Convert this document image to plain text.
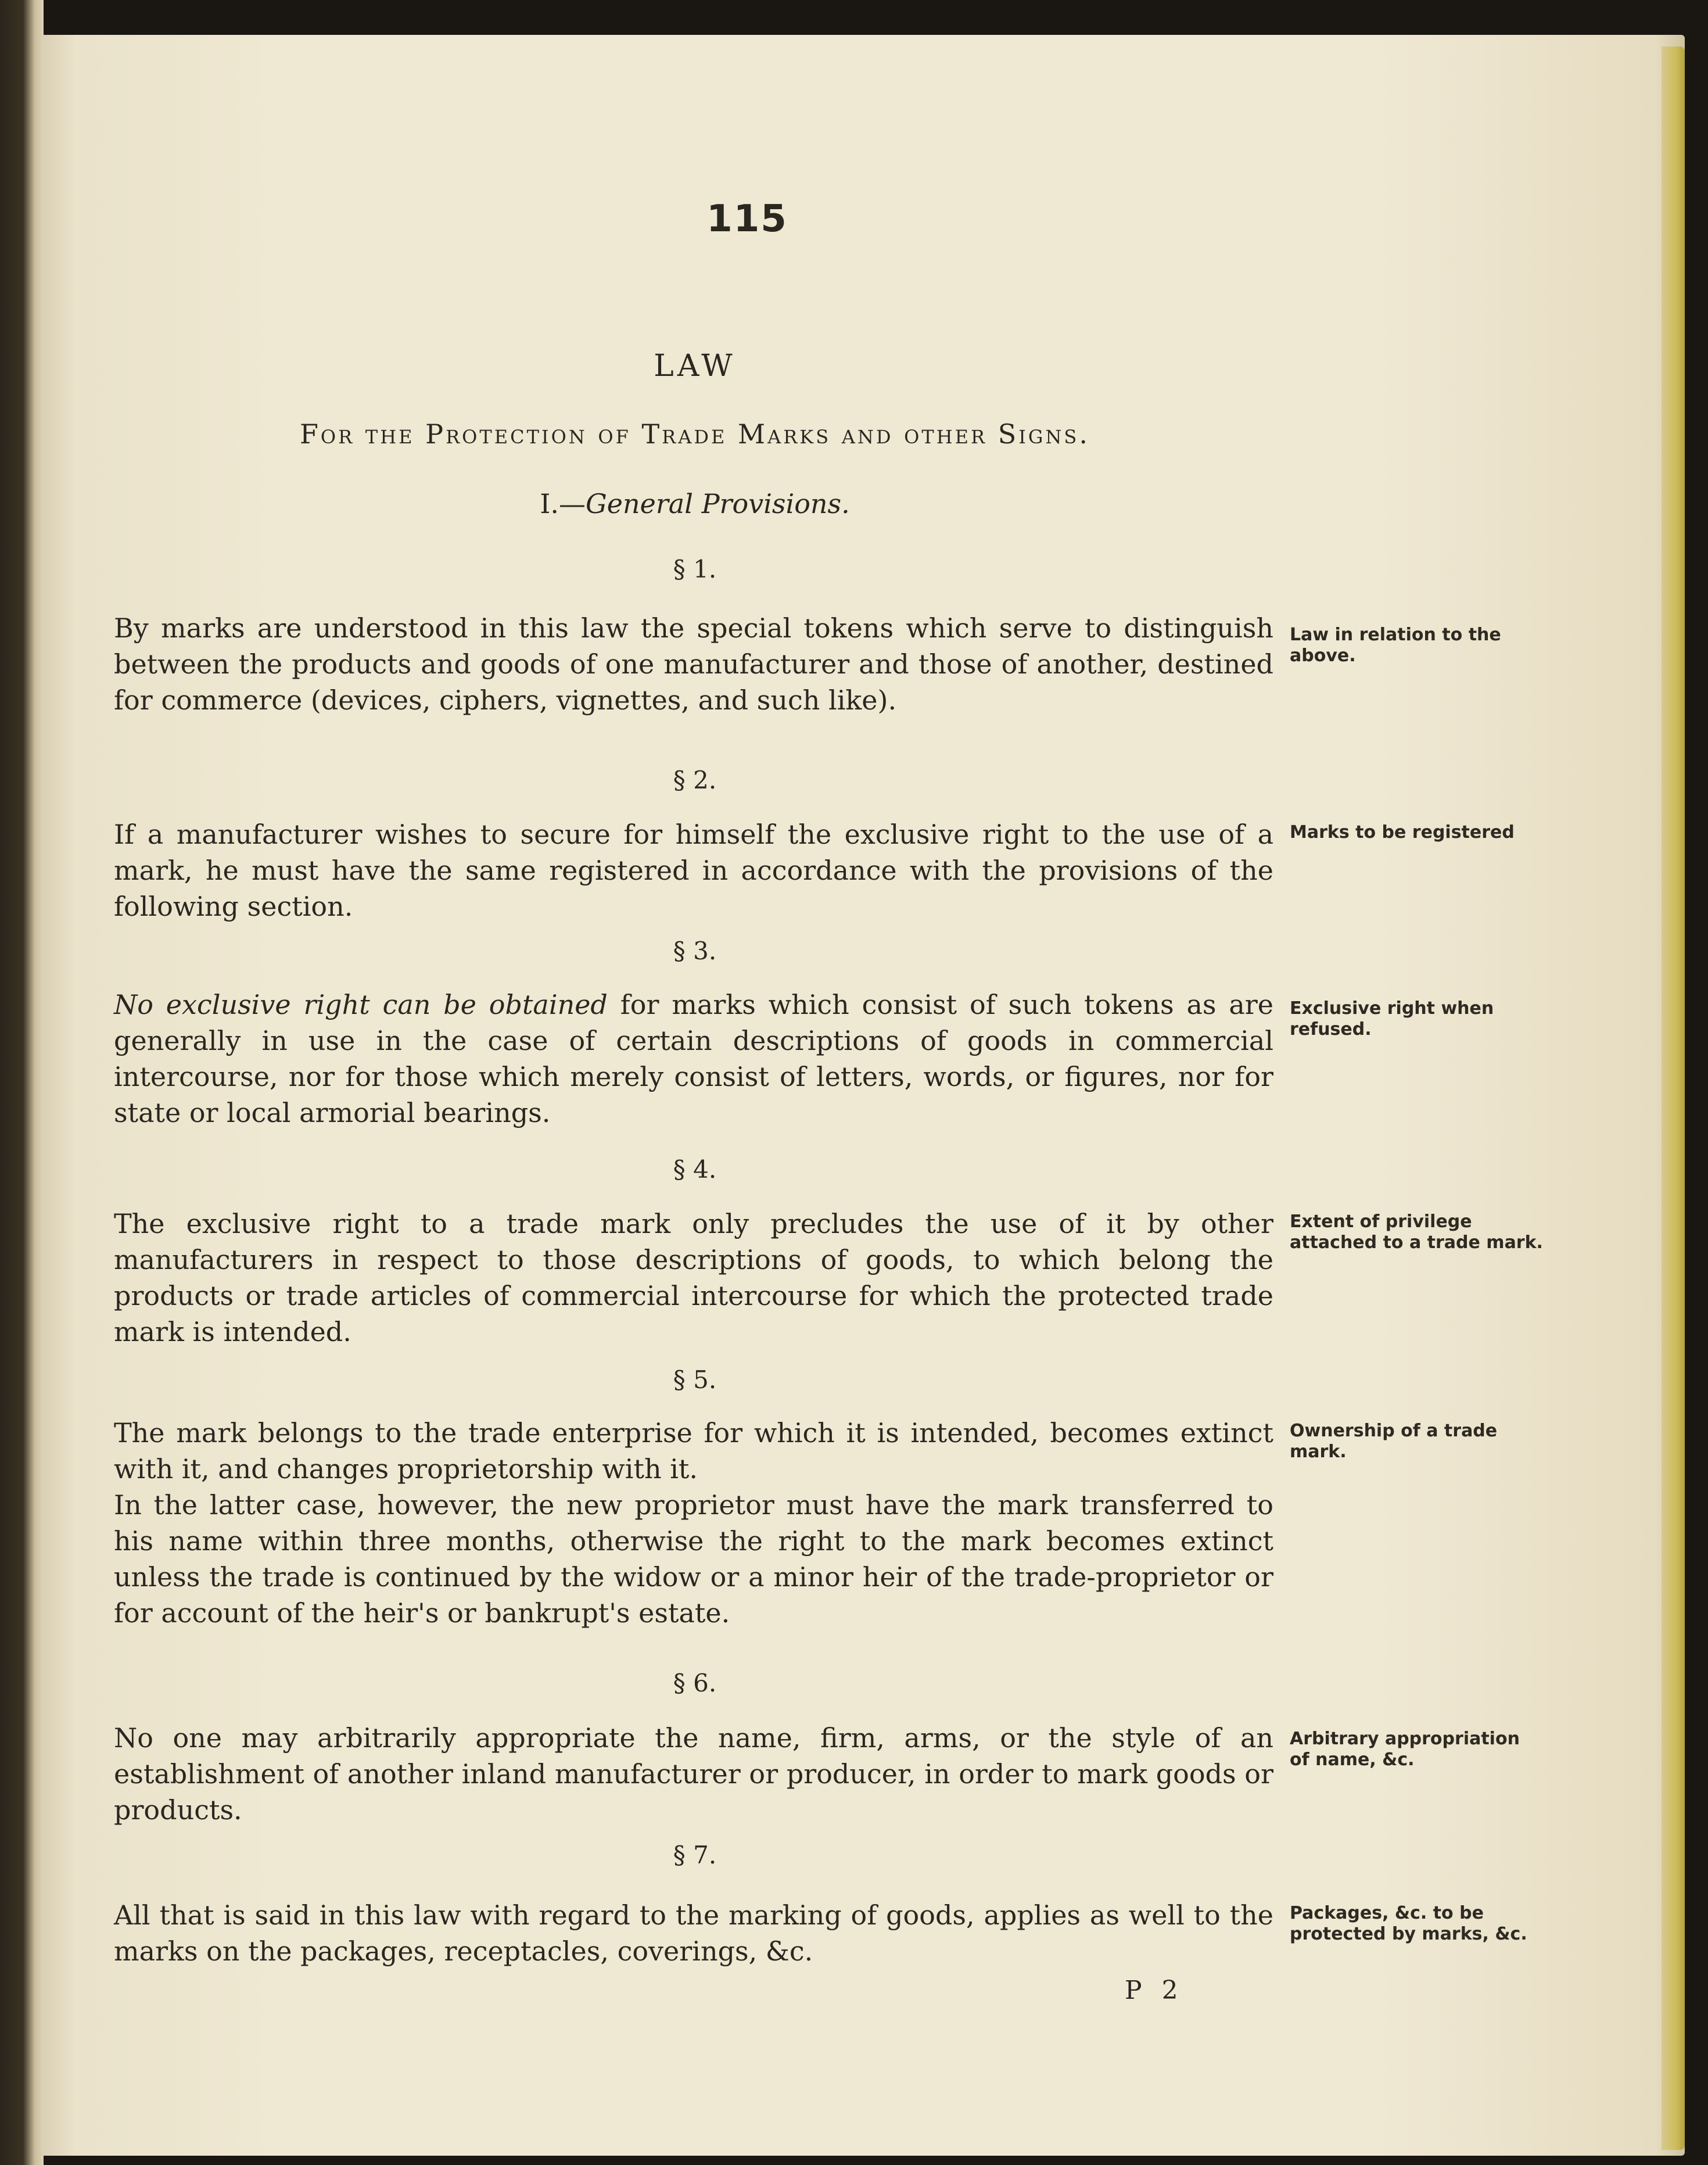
115
LAW
For the Protection of Trade Marks and other Signs.
I.—General Provisions.
§ 1.

By marks are understood in this law the special tokens which serve to distinguish between the products and goods of one manufacturer and those of another, destined for commerce (devices, ciphers, vignettes, and such like).

Law in relation to the above.
§ 2.

If a manufacturer wishes to secure for himself the exclusive right to the use of a mark, he must have the same registered in accordance with the provisions of the following section.

Marks to be registered
§ 3.

No exclusive right can be obtained for marks which consist of such tokens as are generally in use in the case of certain descriptions of goods in commercial intercourse, nor for those which merely consist of letters, words, or figures, nor for state or local armorial bearings.

Exclusive right when refused.
§ 4.

The exclusive right to a trade mark only precludes the use of it by other manufacturers in respect to those descriptions of goods, to which belong the products or trade articles of commercial intercourse for which the protected trade mark is intended.

Extent of privilege attached to a trade mark.
§ 5.

The mark belongs to the trade enterprise for which it is intended, becomes extinct with it, and changes proprietorship with it.

In the latter case, however, the new proprietor must have the mark transferred to his name within three months, otherwise the right to the mark becomes extinct unless the trade is continued by the widow or a minor heir of the trade-proprietor or for account of the heir's or bankrupt's estate.

Ownership of a trade mark.
§ 6.

No one may arbitrarily appropriate the name, firm, arms, or the style of an establishment of another inland manufacturer or producer, in order to mark goods or products.

Arbitrary appropriation of name, &c.
§ 7.

All that is said in this law with regard to the marking of goods, applies as well to the marks on the packages, receptacles, coverings, &c.

Packages, &c. to be protected by marks, &c.
P 2
